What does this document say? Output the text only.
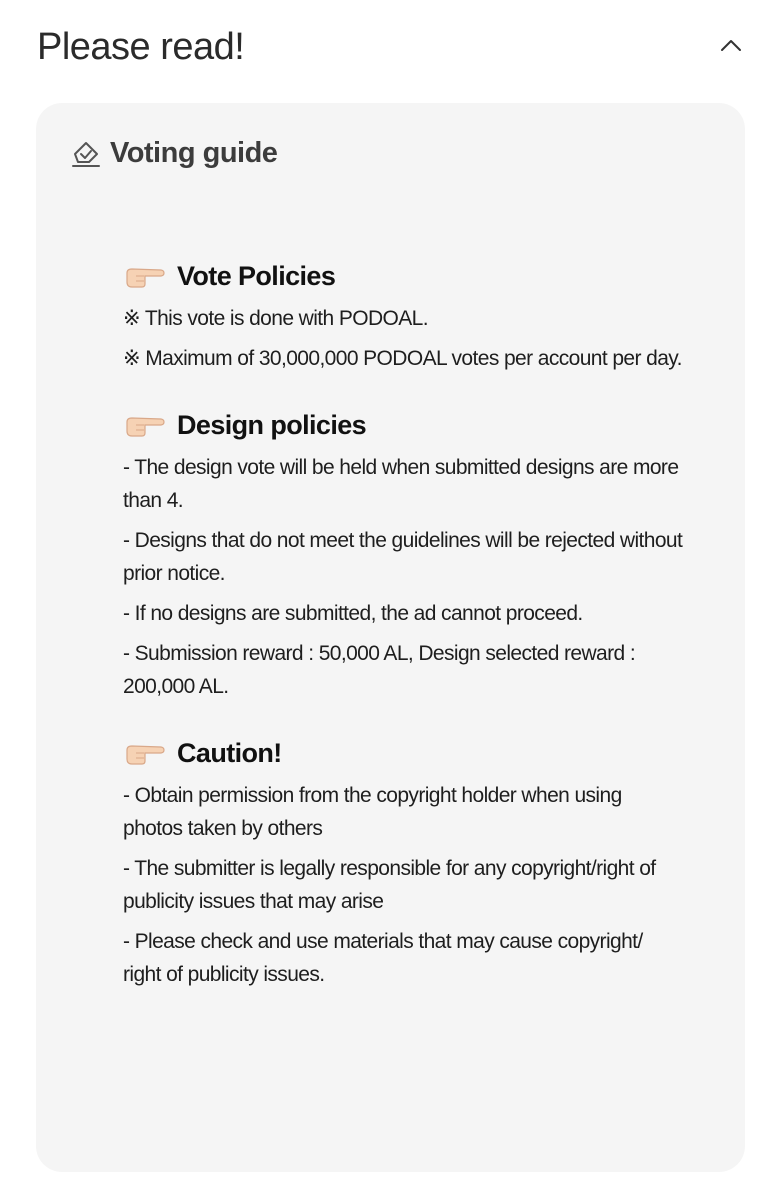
Please read!
Voting guide
Vote Policies
※ This vote is done with PODOAL.
※ Maximum of 30,000,000 PODOAL votes per account per day.
Design policies
- The design vote will be held when submitted designs are more than 4.
- Designs that do not meet the guidelines will be rejected without prior notice.
- If no designs are submitted, the ad cannot proceed.
- Submission reward : 50,000 AL, Design selected reward : 200,000 AL.
Caution!
- Obtain permission from the copyright holder when using photos taken by others
- The submitter is legally responsible for any copyright/right of publicity issues that may arise
- Please check and use materials that may cause copyright/ right of publicity issues.
